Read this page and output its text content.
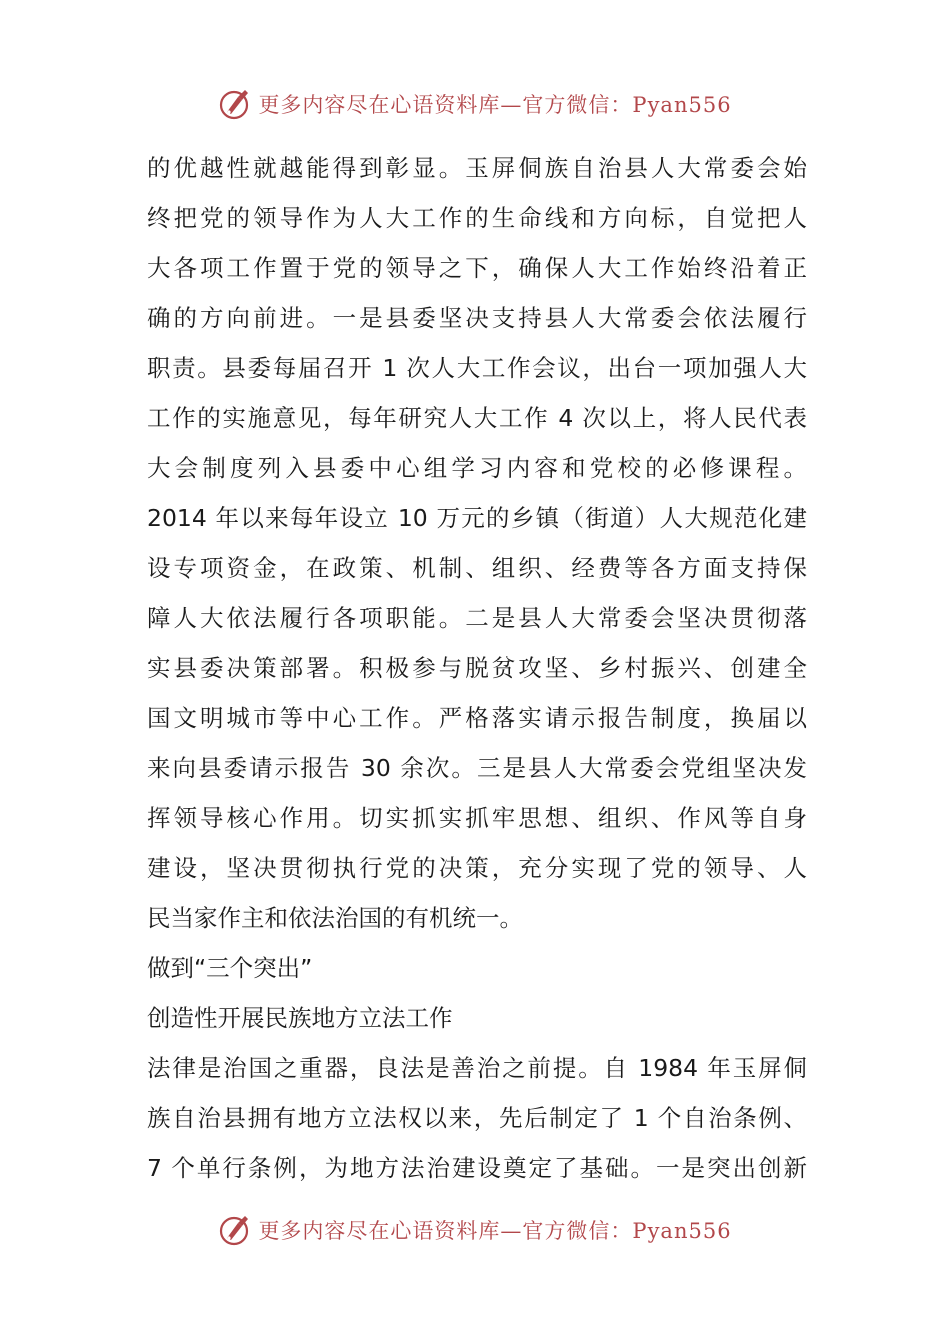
更多内容尽在心语资料库—官方微信：Pyan556
的优越性就越能得到彰显。玉屏侗族自治县人大常委会始
终把党的领导作为人大工作的生命线和方向标，自觉把人
大各项工作置于党的领导之下，确保人大工作始终沿着正
确的方向前进。一是县委坚决支持县人大常委会依法履行
职责。县委每届召开 1 次人大工作会议，出台一项加强人大
工作的实施意见，每年研究人大工作 4 次以上，将人民代表
大会制度列入县委中心组学习内容和党校的必修课程。
2014 年以来每年设立 10 万元的乡镇（街道）人大规范化建
设专项资金，在政策、机制、组织、经费等各方面支持保
障人大依法履行各项职能。二是县人大常委会坚决贯彻落
实县委决策部署。积极参与脱贫攻坚、乡村振兴、创建全
国文明城市等中心工作。严格落实请示报告制度，换届以
来向县委请示报告 30 余次。三是县人大常委会党组坚决发
挥领导核心作用。切实抓实抓牢思想、组织、作风等自身
建设，坚决贯彻执行党的决策，充分实现了党的领导、人
民当家作主和依法治国的有机统一。
做到“三个突出”
创造性开展民族地方立法工作
法律是治国之重器，良法是善治之前提。自 1984 年玉屏侗
族自治县拥有地方立法权以来，先后制定了 1 个自治条例、
7 个单行条例，为地方法治建设奠定了基础。一是突出创新
更多内容尽在心语资料库—官方微信：Pyan556
